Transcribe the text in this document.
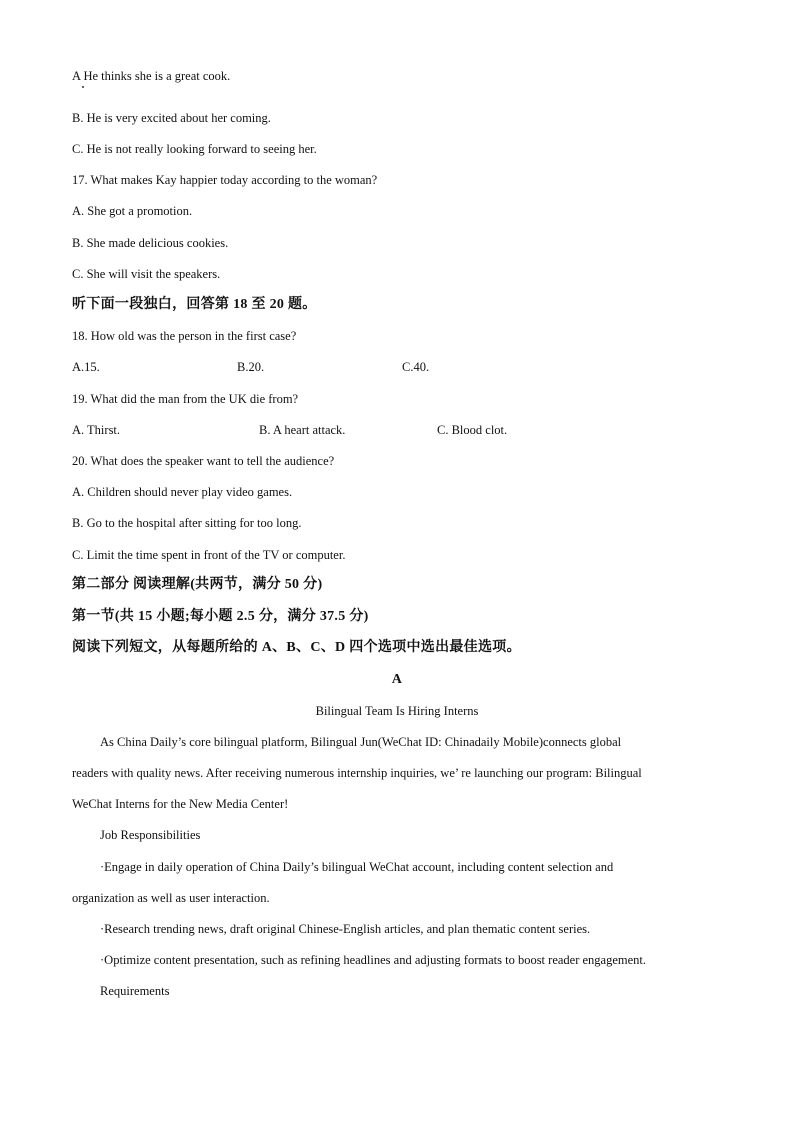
A He thinks she is a great cook.
B. He is very excited about her coming.
C. He is not really looking forward to seeing her.
17. What makes Kay happier today according to the woman?
A. She got a promotion.
B. She made delicious cookies.
C. She will visit the speakers.
听下面一段独白，回答第 18 至 20 题。
18. How old was the person in the first case?
A.15.	B.20.	C.40.
19. What did the man from the UK die from?
A. Thirst.	B. A heart attack.	C. Blood clot.
20. What does the speaker want to tell the audience?
A. Children should never play video games.
B. Go to the hospital after sitting for too long.
C. Limit the time spent in front of the TV or computer.
第二部分 阅读理解(共两节，满分 50 分)
第一节(共 15 小题;每小题 2.5 分，满分 37.5 分)
阅读下列短文，从每题所给的 A、B、C、D 四个选项中选出最佳选项。
A
Bilingual Team Is Hiring Interns
As China Daily’s core bilingual platform, Bilingual Jun(WeChat ID: Chinadaily Mobile)connects global
readers with quality news. After receiving numerous internship inquiries, we’ re launching our program: Bilingual
WeChat Interns for the New Media Center!
Job Responsibilities
·Engage in daily operation of China Daily’s bilingual WeChat account, including content selection and
organization as well as user interaction.
·Research trending news, draft original Chinese-English articles, and plan thematic content series.
·Optimize content presentation, such as refining headlines and adjusting formats to boost reader engagement.
Requirements
